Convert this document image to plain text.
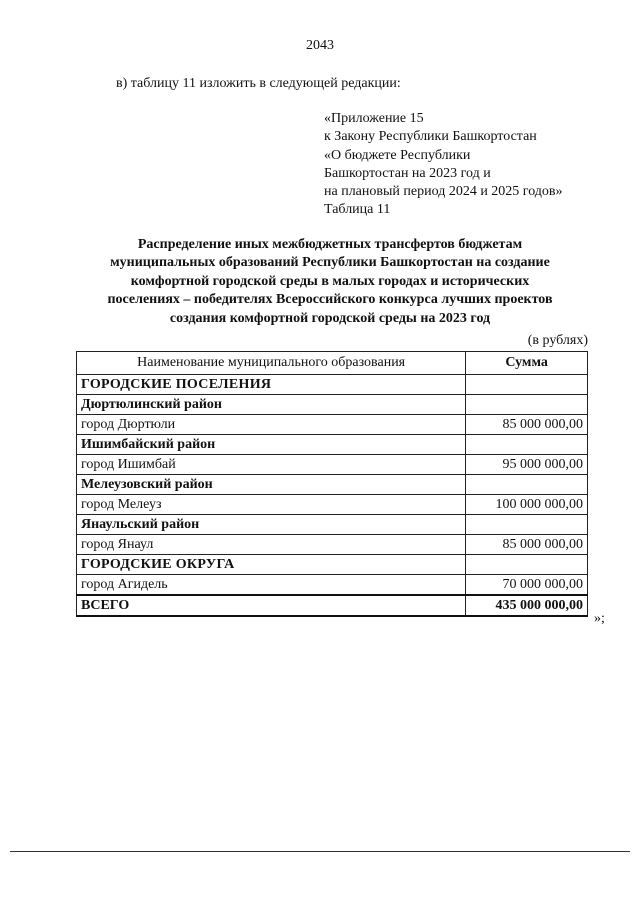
2043
в) таблицу 11 изложить в следующей редакции:
«Приложение 15
к Закону Республики Башкортостан
«О бюджете Республики
Башкортостан на 2023 год и
на плановый период 2024 и 2025 годов»
Таблица 11
Распределение иных межбюджетных трансфертов бюджетам
муниципальных образований Республики Башкортостан на создание
комфортной городской среды в малых городах и исторических
поселениях – победителях Всероссийского конкурса лучших проектов
создания комфортной городской среды на 2023 год
(в рублях)
Наименование муниципального образования	Сумма
ГОРОДСКИЕ ПОСЕЛЕНИЯ	
Дюртюлинский район	
город Дюртюли	85 000 000,00
Ишимбайский район	
город Ишимбай	95 000 000,00
Мелеузовский район	
город Мелеуз	100 000 000,00
Янаульский район	
город Янаул	85 000 000,00
ГОРОДСКИЕ ОКРУГА	
город Агидель	70 000 000,00
ВСЕГО	435 000 000,00
»;
